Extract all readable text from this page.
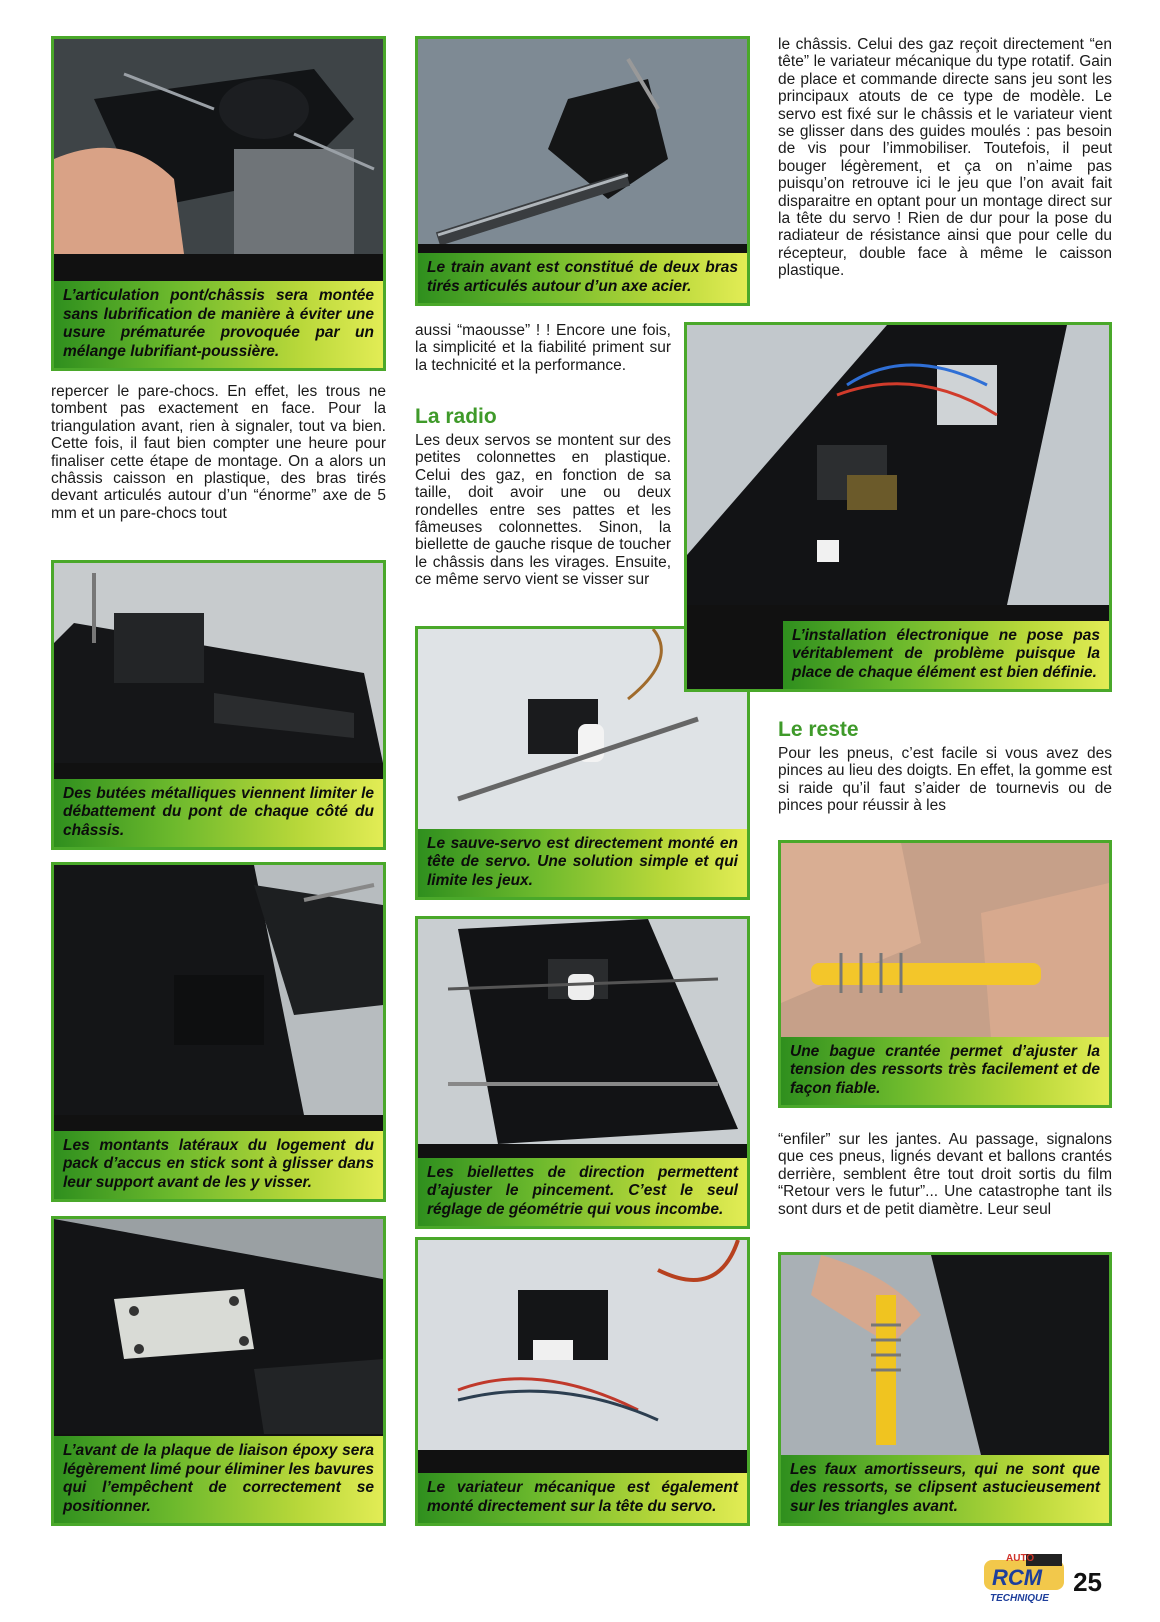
L’articulation pont/châssis sera montée sans lubrification de manière à éviter une usure prématurée provoquée par un mélange lubrifiant-poussière.

repercer le pare-chocs. En effet, les trous ne tombent pas exactement en face. Pour la triangulation avant, rien à signaler, tout va bien. Cette fois, il faut bien compter une heure pour finaliser cette étape de montage. On a alors un châssis caisson en plastique, des bras tirés devant articulés autour d’un “énorme” axe de 5 mm et un pare-chocs tout

Des butées métalliques viennent limiter le débattement du pont de chaque côté du châssis.
Les montants latéraux du logement du pack d’accus en stick sont à glisser dans leur support avant de les y visser.
L’avant de la plaque de liaison époxy sera légèrement limé pour éliminer les bavures qui l’empêchent de correctement se positionner.
Le train avant est constitué de deux bras tirés articulés autour d’un axe acier.

aussi “maousse” ! ! Encore une fois, la simplicité et la fiabilité priment sur la technicité et la performance.

La radio

Les deux servos se montent sur des petites colonnettes en plastique. Celui des gaz, en fonction de sa taille, doit avoir une ou deux rondelles entre ses pattes et les fâmeuses colonnettes. Sinon, la biellette de gauche risque de toucher le châssis dans les virages. Ensuite, ce même servo vient se visser sur

Le sauve-servo est directement monté en tête de servo. Une solution simple et qui limite les jeux.
Les biellettes de direction permettent d’ajuster le pincement. C’est le seul réglage de géométrie qui vous incombe.
Le variateur mécanique est également monté directement sur la tête du servo.

le châssis. Celui des gaz reçoit directement “en tête” le variateur mécanique du type rotatif. Gain de place et commande directe sans jeu sont les principaux atouts de ce type de modèle. Le servo est fixé sur le châssis et le variateur vient se glisser dans des guides moulés : pas besoin de vis pour l’immobiliser. Toutefois, il peut bouger légèrement, et ça on n’aime pas puisqu’on retrouve ici le jeu que l’on avait fait disparaitre en optant pour un montage direct sur la tête du servo ! Rien de dur pour la pose du radiateur de résistance ainsi que pour celle du récepteur, double face à même le caisson plastique.

L’installation électronique ne pose pas véritablement de problème puisque la place de chaque élément est bien définie.
Le reste

Pour les pneus, c’est facile si vous avez des pinces au lieu des doigts. En effet, la gomme est si raide qu’il faut s’aider de tournevis ou de pinces pour réussir à les

Une bague crantée permet d’ajuster la tension des ressorts très facilement et de façon fiable.

“enfiler” sur les jantes. Au passage, signalons que ces pneus, lignés devant et ballons crantés derrière, semblent être tout droit sortis du film “Retour vers le futur”... Une catastrophe tant ils sont durs et de petit diamètre. Leur seul

Les faux amortisseurs, qui ne sont que des ressorts, se clipsent astucieusement sur les triangles avant.
AUTO
RCM
TECHNIQUE
25
